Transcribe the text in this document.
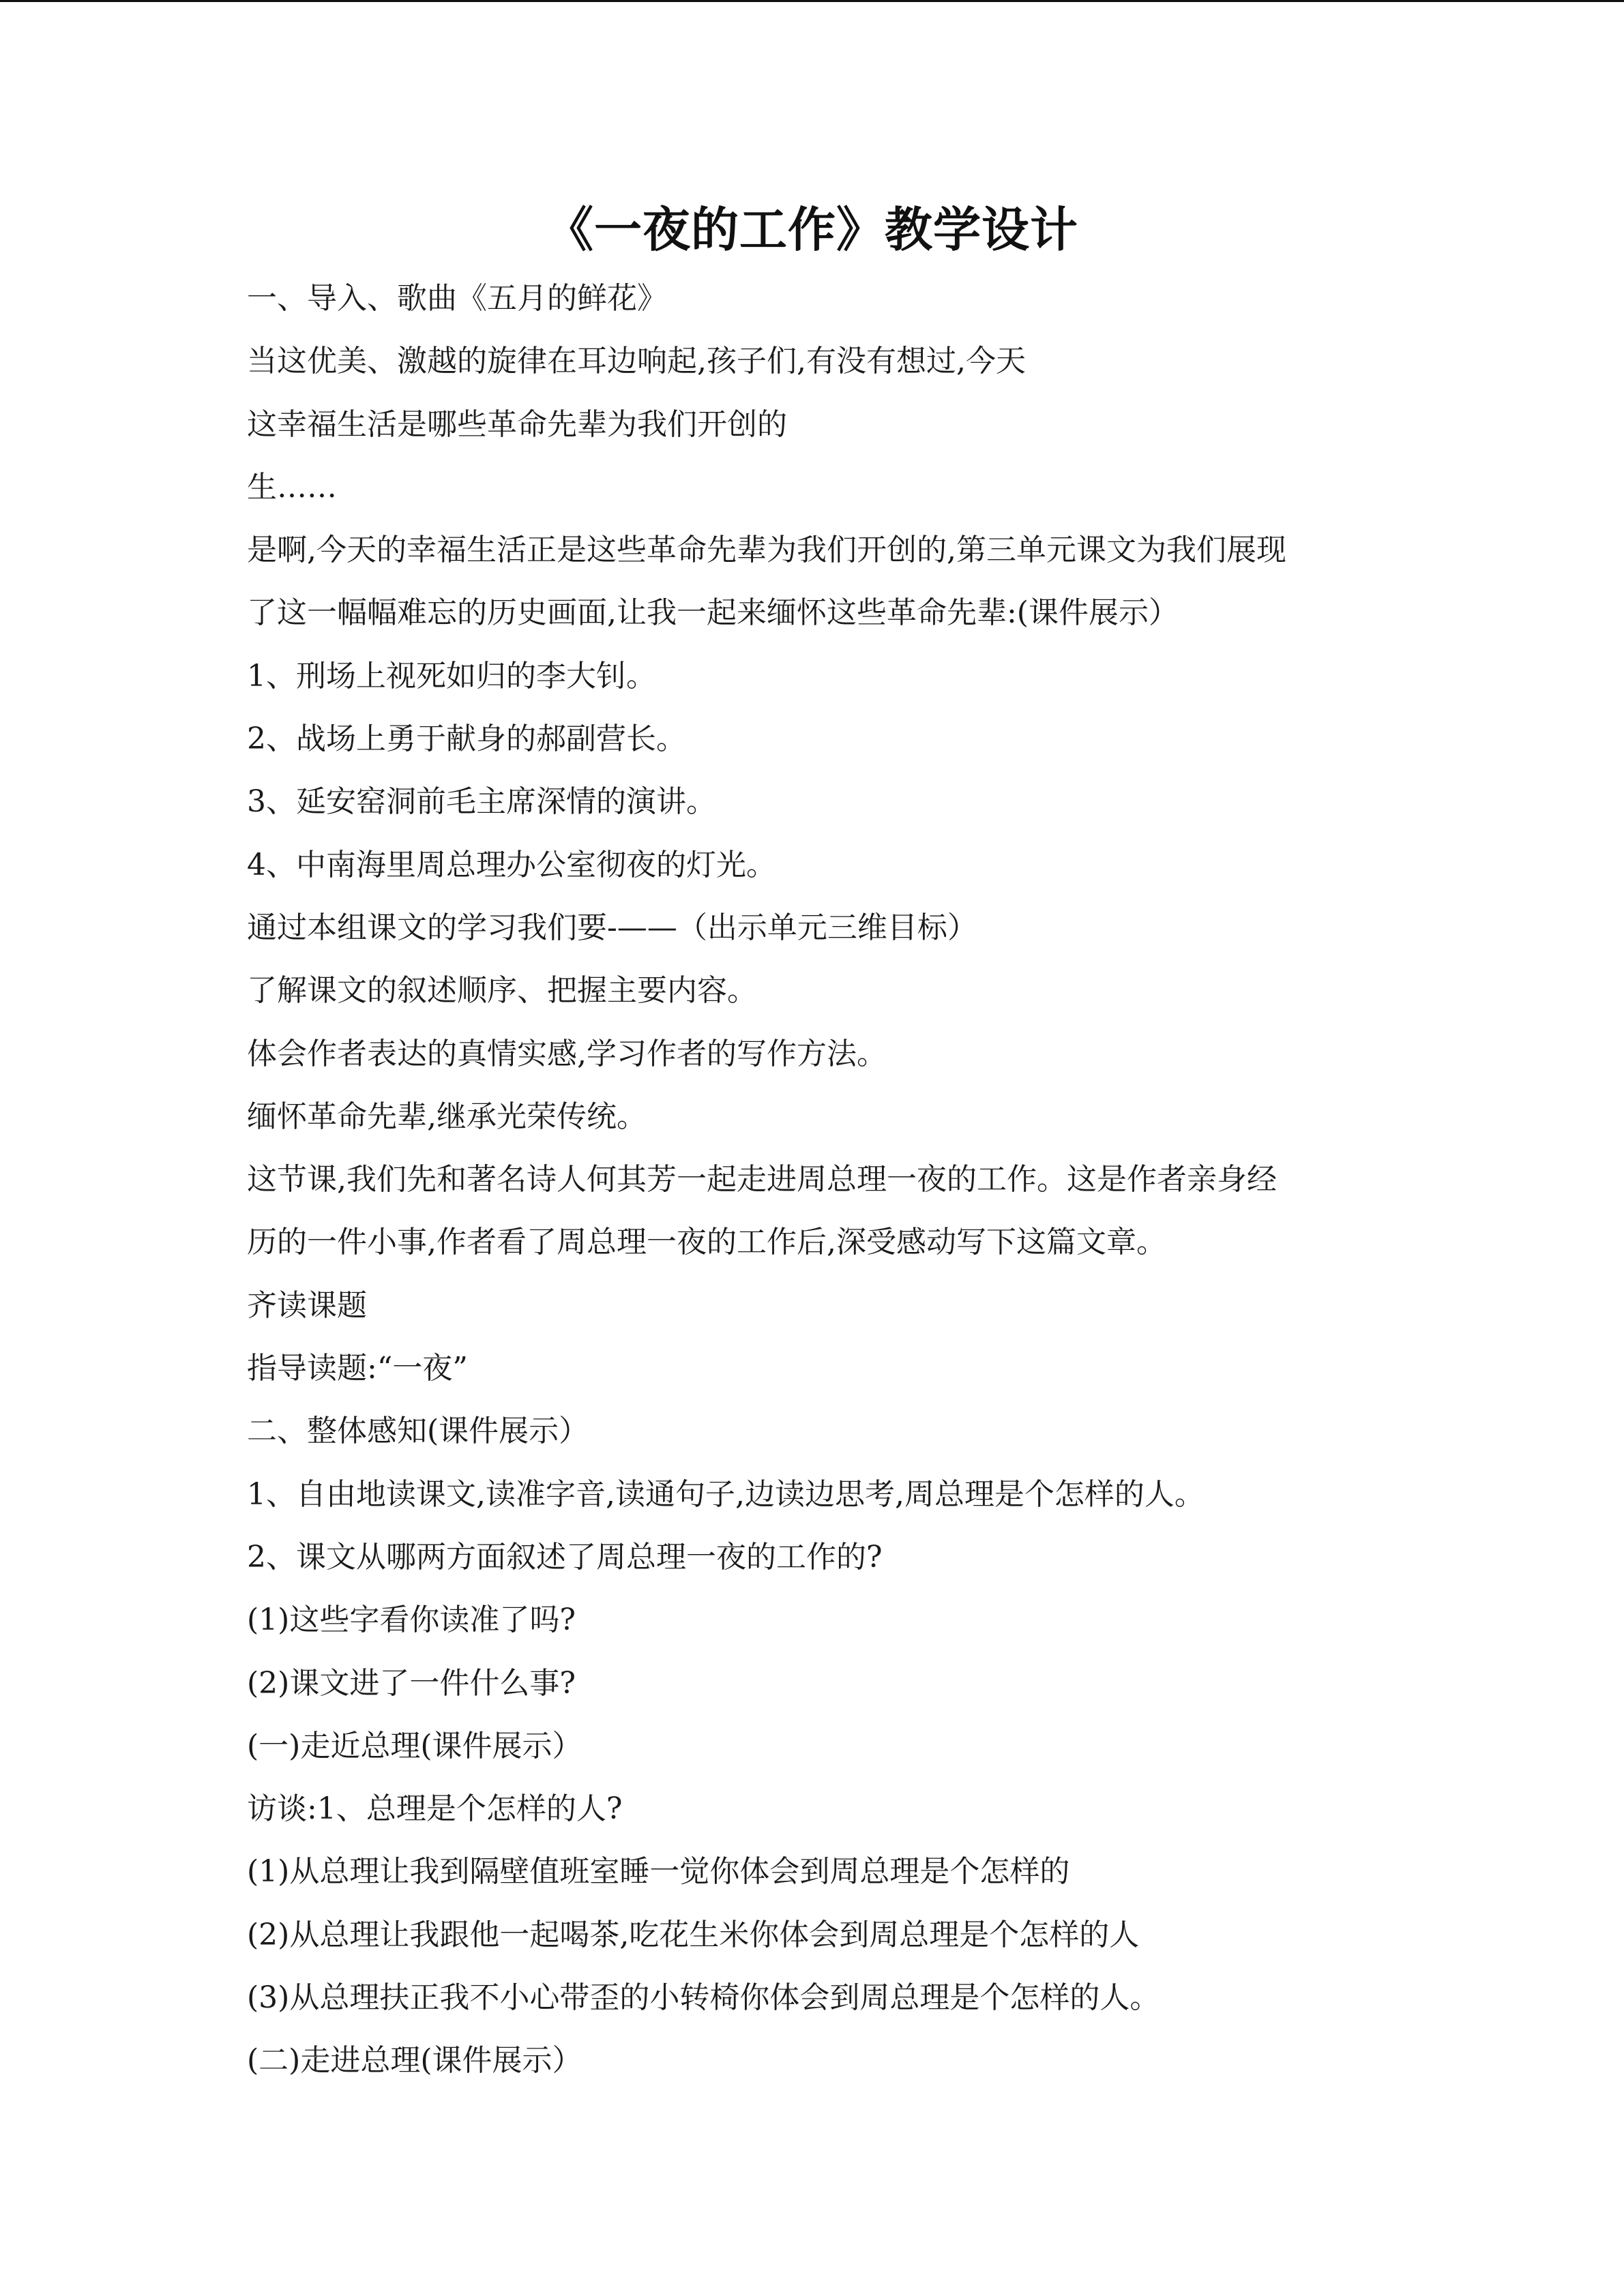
《一夜的工作》教学设计
一、导入、歌曲《五月的鲜花》
当这优美、激越的旋律在耳边响起,孩子们,有没有想过,今天
这幸福生活是哪些革命先辈为我们开创的
生……
是啊,今天的幸福生活正是这些革命先辈为我们开创的,第三单元课文为我们展现
了这一幅幅难忘的历史画面,让我一起来缅怀这些革命先辈:(课件展示）
1、刑场上视死如归的李大钊。
2、战场上勇于献身的郝副营长。
3、延安窑洞前毛主席深情的演讲。
4、中南海里周总理办公室彻夜的灯光。
通过本组课文的学习我们要-——（出示单元三维目标）
了解课文的叙述顺序、把握主要内容。
体会作者表达的真情实感,学习作者的写作方法。
缅怀革命先辈,继承光荣传统。
这节课,我们先和著名诗人何其芳一起走进周总理一夜的工作。这是作者亲身经
历的一件小事,作者看了周总理一夜的工作后,深受感动写下这篇文章。
齐读课题
指导读题:“一夜”
二、整体感知(课件展示）
1、自由地读课文,读准字音,读通句子,边读边思考,周总理是个怎样的人。
2、课文从哪两方面叙述了周总理一夜的工作的?
(1)这些字看你读准了吗?
(2)课文进了一件什么事?
(一)走近总理(课件展示）
访谈:1、总理是个怎样的人?
(1)从总理让我到隔壁值班室睡一觉你体会到周总理是个怎样的
(2)从总理让我跟他一起喝茶,吃花生米你体会到周总理是个怎样的人
(3)从总理扶正我不小心带歪的小转椅你体会到周总理是个怎样的人。
(二)走进总理(课件展示）
